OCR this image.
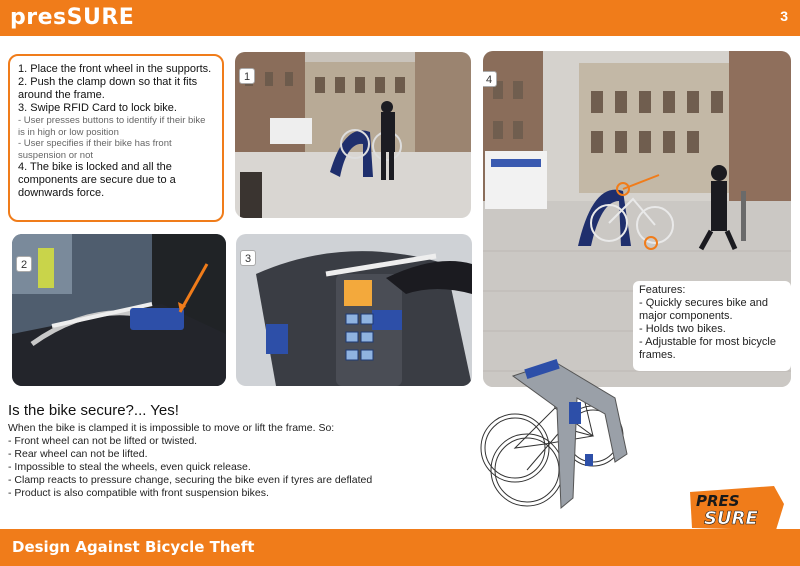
presSURE	3
1. Place the front wheel in the supports.
2. Push the clamp down so that it fits around the frame.
3. Swipe RFID Card to lock bike.
- User presses buttons to identify if their bike is in high or low position
- User specifies if their bike has front suspension or not
4. The bike is locked and all the components are secure due to a downwards force.
1
2	3
4
Features:
- Quickly secures bike and major components.
- Holds two bikes.
- Adjustable for most bicycle frames.
Is the bike secure?... Yes!
When the bike is clamped it is impossible to move or lift the frame. So:
- Front wheel can not be lifted or twisted.
- Rear wheel can not be lifted.
- Impossible to steal the wheels, even quick release.
- Clamp reacts to pressure change, securing the bike even if tyres are deflated
- Product is also compatible with front suspension bikes.	PRES
SURE
Design Against Bicycle Theft
